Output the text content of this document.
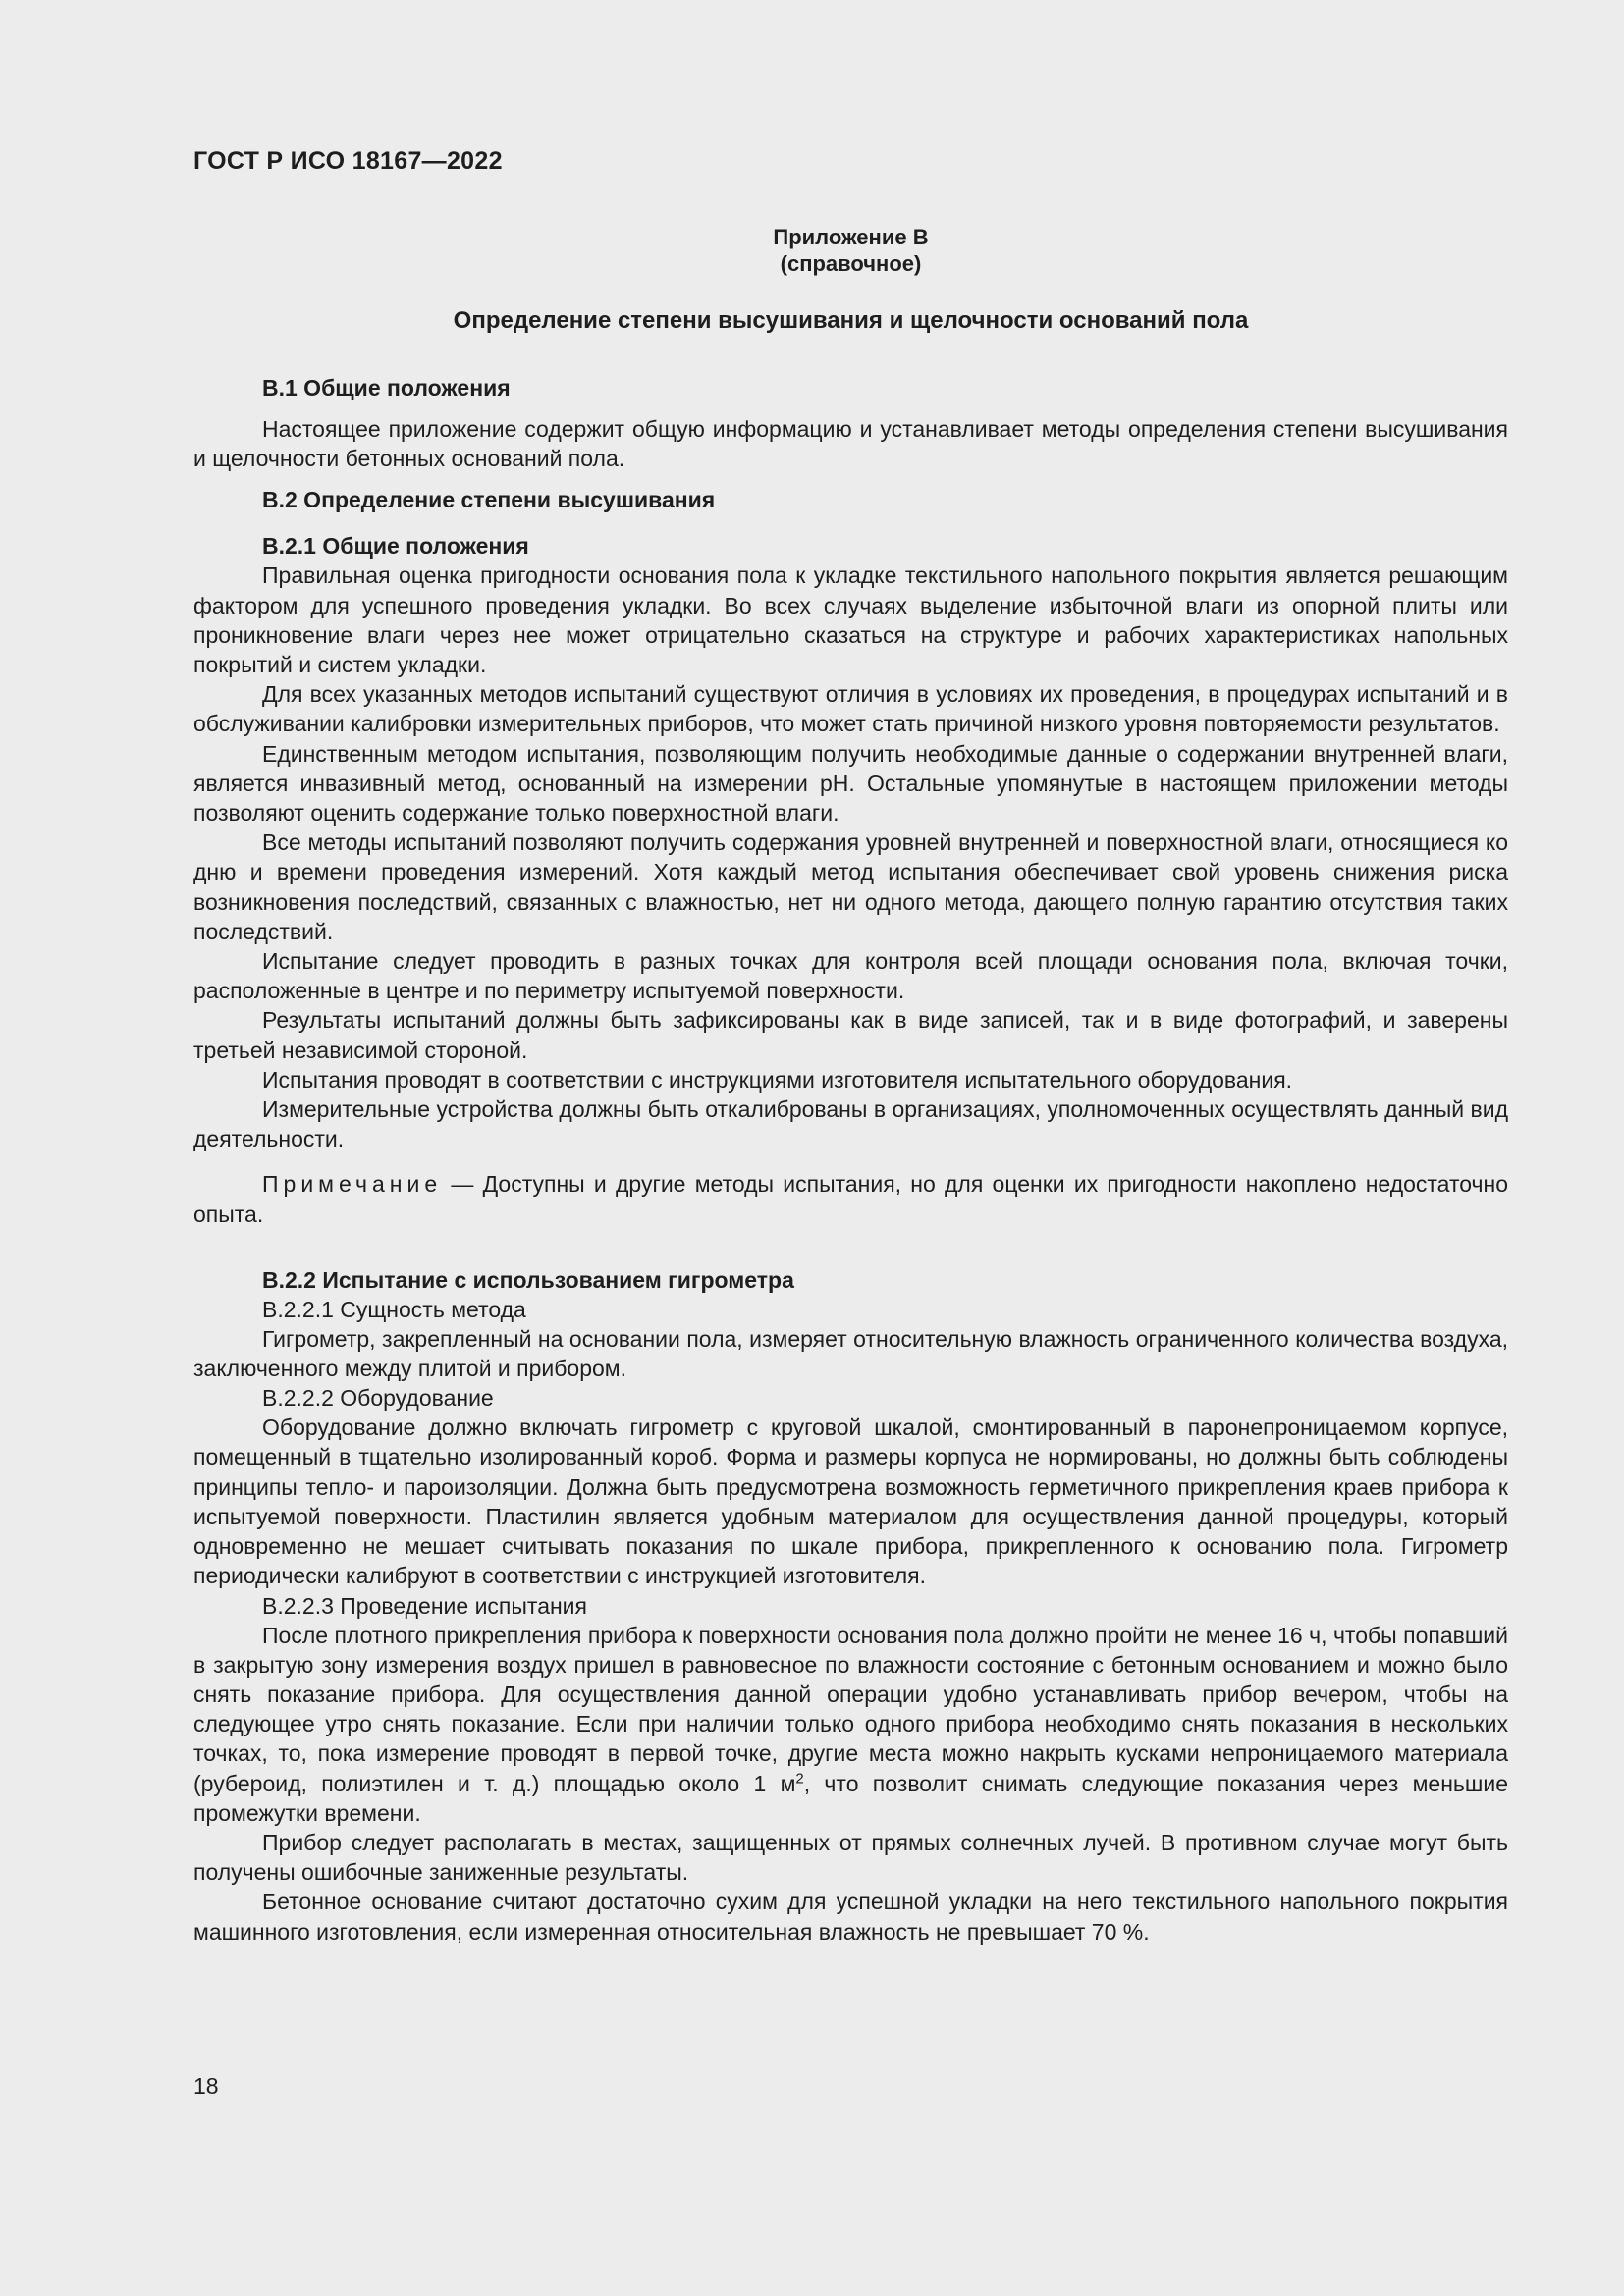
ГОСТ Р ИСО 18167—2022
Приложение В
(справочное)
Определение степени высушивания и щелочности оснований пола
В.1 Общие положения

Настоящее приложение содержит общую информацию и устанавливает методы определения степени высушивания и щелочности бетонных оснований пола.

В.2 Определение степени высушивания
В.2.1 Общие положения

Правильная оценка пригодности основания пола к укладке текстильного напольного покрытия является решающим фактором для успешного проведения укладки. Во всех случаях выделение избыточной влаги из опорной плиты или проникновение влаги через нее может отрицательно сказаться на структуре и рабочих характеристиках напольных покрытий и систем укладки.

Для всех указанных методов испытаний существуют отличия в условиях их проведения, в процедурах испытаний и в обслуживании калибровки измерительных приборов, что может стать причиной низкого уровня повторяемости результатов.

Единственным методом испытания, позволяющим получить необходимые данные о содержании внутренней влаги, является инвазивный метод, основанный на измерении pH. Остальные упомянутые в настоящем приложении методы позволяют оценить содержание только поверхностной влаги.

Все методы испытаний позволяют получить содержания уровней внутренней и поверхностной влаги, относящиеся ко дню и времени проведения измерений. Хотя каждый метод испытания обеспечивает свой уровень снижения риска возникновения последствий, связанных с влажностью, нет ни одного метода, дающего полную гарантию отсутствия таких последствий.

Испытание следует проводить в разных точках для контроля всей площади основания пола, включая точки, расположенные в центре и по периметру испытуемой поверхности.

Результаты испытаний должны быть зафиксированы как в виде записей, так и в виде фотографий, и заверены третьей независимой стороной.

Испытания проводят в соответствии с инструкциями изготовителя испытательного оборудования.

Измерительные устройства должны быть откалиброваны в организациях, уполномоченных осуществлять данный вид деятельности.

Примечание — Доступны и другие методы испытания, но для оценки их пригодности накоплено недостаточно опыта.

В.2.2 Испытание с использованием гигрометра
В.2.2.1 Сущность метода

Гигрометр, закрепленный на основании пола, измеряет относительную влажность ограниченного количества воздуха, заключенного между плитой и прибором.

В.2.2.2 Оборудование

Оборудование должно включать гигрометр с круговой шкалой, смонтированный в паронепроницаемом корпусе, помещенный в тщательно изолированный короб. Форма и размеры корпуса не нормированы, но должны быть соблюдены принципы тепло- и пароизоляции. Должна быть предусмотрена возможность герметичного прикрепления краев прибора к испытуемой поверхности. Пластилин является удобным материалом для осуществления данной процедуры, который одновременно не мешает считывать показания по шкале прибора, прикрепленного к основанию пола. Гигрометр периодически калибруют в соответствии с инструкцией изготовителя.

В.2.2.3 Проведение испытания

После плотного прикрепления прибора к поверхности основания пола должно пройти не менее 16 ч, чтобы попавший в закрытую зону измерения воздух пришел в равновесное по влажности состояние с бетонным основанием и можно было снять показание прибора. Для осуществления данной операции удобно устанавливать прибор вечером, чтобы на следующее утро снять показание. Если при наличии только одного прибора необходимо снять показания в нескольких точках, то, пока измерение проводят в первой точке, другие места можно накрыть кусками непроницаемого материала (рубероид, полиэтилен и т. д.) площадью около 1 $м^2$, что позволит снимать следующие показания через меньшие промежутки времени.

Прибор следует располагать в местах, защищенных от прямых солнечных лучей. В противном случае могут быть получены ошибочные заниженные результаты.

Бетонное основание считают достаточно сухим для успешной укладки на него текстильного напольного покрытия машинного изготовления, если измеренная относительная влажность не превышает 70 %.

18
